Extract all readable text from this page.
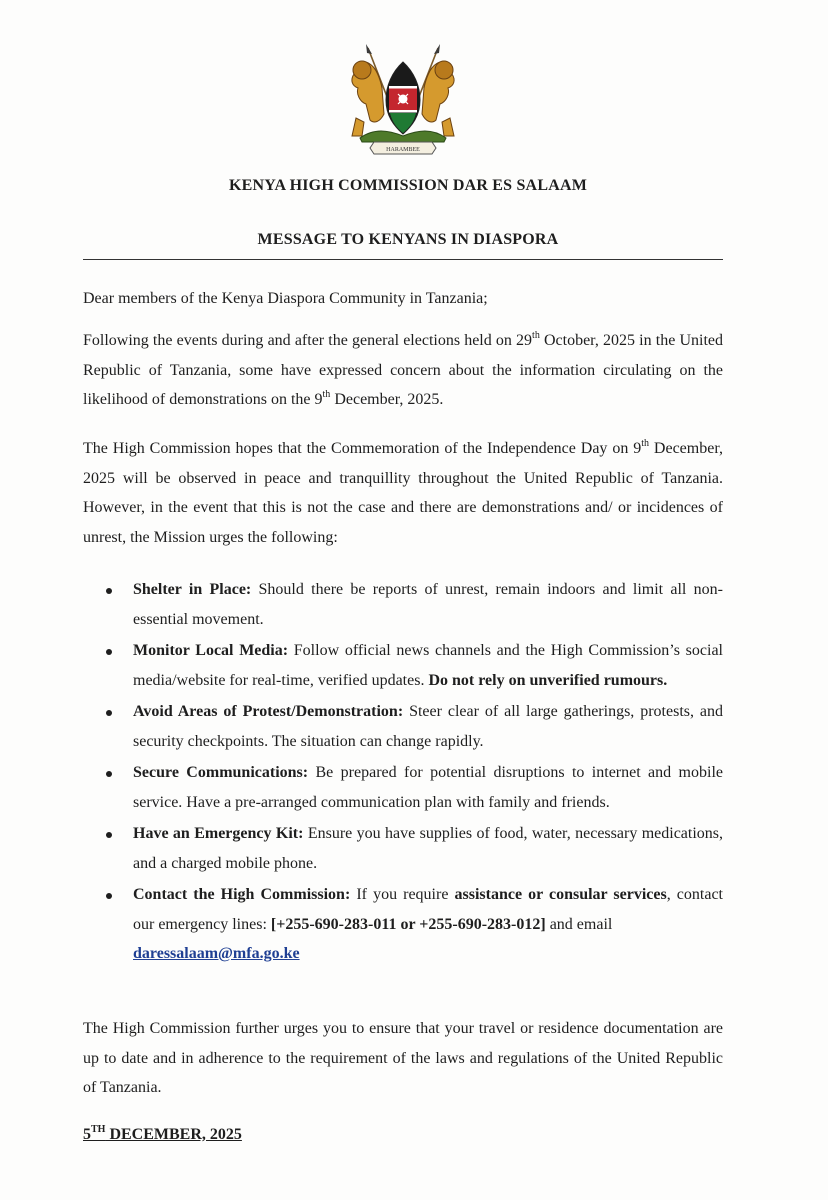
HARAMBEE
KENYA HIGH COMMISSION DAR ES SALAAM
MESSAGE TO KENYANS IN DIASPORA

Dear members of the Kenya Diaspora Community in Tanzania;

Following the events during and after the general elections held on 29th October, 2025 in the United Republic of Tanzania, some have expressed concern about the information circulating on the likelihood of demonstrations on the 9th December, 2025.

The High Commission hopes that the Commemoration of the Independence Day on 9th December, 2025 will be observed in peace and tranquillity throughout the United Republic of Tanzania. However, in the event that this is not the case and there are demonstrations and/ or incidences of unrest, the Mission urges the following:

Shelter in Place: Should there be reports of unrest, remain indoors and limit all non-essential movement.
Monitor Local Media: Follow official news channels and the High Commission’s social media/website for real-time, verified updates. Do not rely on unverified rumours.
Avoid Areas of Protest/Demonstration: Steer clear of all large gatherings, protests, and security checkpoints. The situation can change rapidly.
Secure Communications: Be prepared for potential disruptions to internet and mobile service. Have a pre-arranged communication plan with family and friends.
Have an Emergency Kit: Ensure you have supplies of food, water, necessary medications, and a charged mobile phone.
Contact the High Commission: If you require assistance or consular services, contact our emergency lines: [+255-690-283-011 or +255-690-283-012] and email
daressalaam@mfa.go.ke

The High Commission further urges you to ensure that your travel or residence documentation are up to date and in adherence to the requirement of the laws and regulations of the United Republic of Tanzania.

5TH DECEMBER, 2025
